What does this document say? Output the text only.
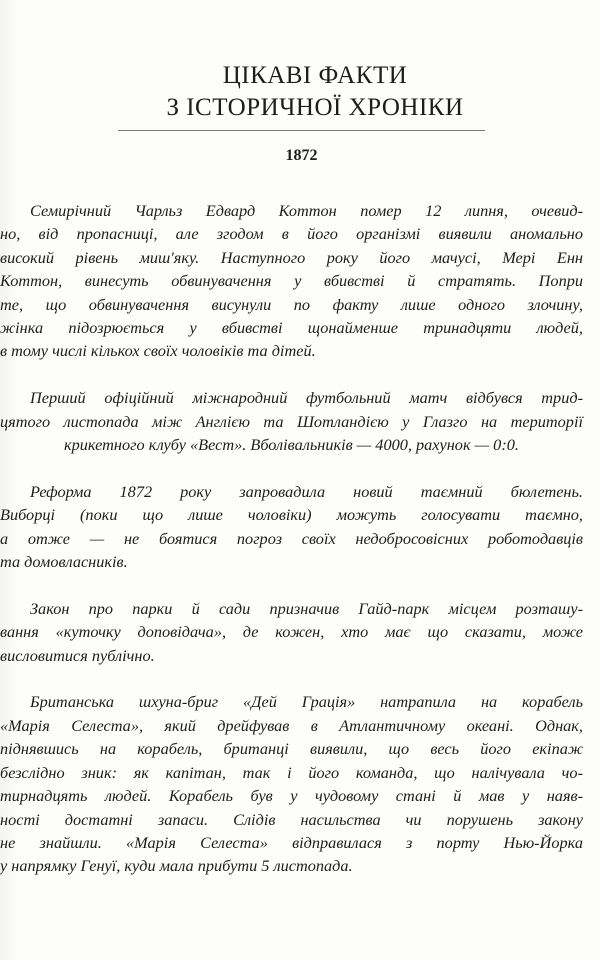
ЦІКАВІ ФАКТИ
З ІСТОРИЧНОЇ ХРОНІКИ
1872

Семирічний Чарльз Едвард Коттон помер 12 липня, очевид-
но, від пропасниці, але згодом в його організмі виявили аномально
високий рівень миш'яку. Наступного року його мачусі, Мері Енн
Коттон, винесуть обвинувачення у вбивстві й стратять. Попри
те, що обвинувачення висунули по факту лише одного злочину,
жінка підозрюється у вбивстві щонайменше тринадцяти людей,
в тому числі кількох своїх чоловіків та дітей.

Перший офіційний міжнародний футбольний матч відбувся трид-
цятого листопада між Англією та Шотландією у Глазго на території
крикетного клубу «Вест». Вболівальників — 4000, рахунок — 0:0.

Реформа 1872 року запровадила новий таємний бюлетень.
Виборці (поки що лише чоловіки) можуть голосувати таємно,
а отже — не боятися погроз своїх недобросовісних роботодавців
та домовласників.

Закон про парки й сади призначив Гайд-парк місцем розташу-
вання «куточку доповідача», де кожен, хто має що сказати, може
висловитися публічно.

Британська шхуна-бриг «Дей Грація» натрапила на корабель
«Марія Селеста», який дрейфував в Атлантичному океані. Однак,
піднявшись на корабель, британці виявили, що весь його екіпаж
безслідно зник: як капітан, так і його команда, що налічувала чо-
тирнадцять людей. Корабель був у чудовому стані й мав у наяв-
ності достатні запаси. Слідів насильства чи порушень закону
не знайшли. «Марія Селеста» відправилася з порту Нью-Йорка
у напрямку Генуї, куди мала прибути 5 листопада.
